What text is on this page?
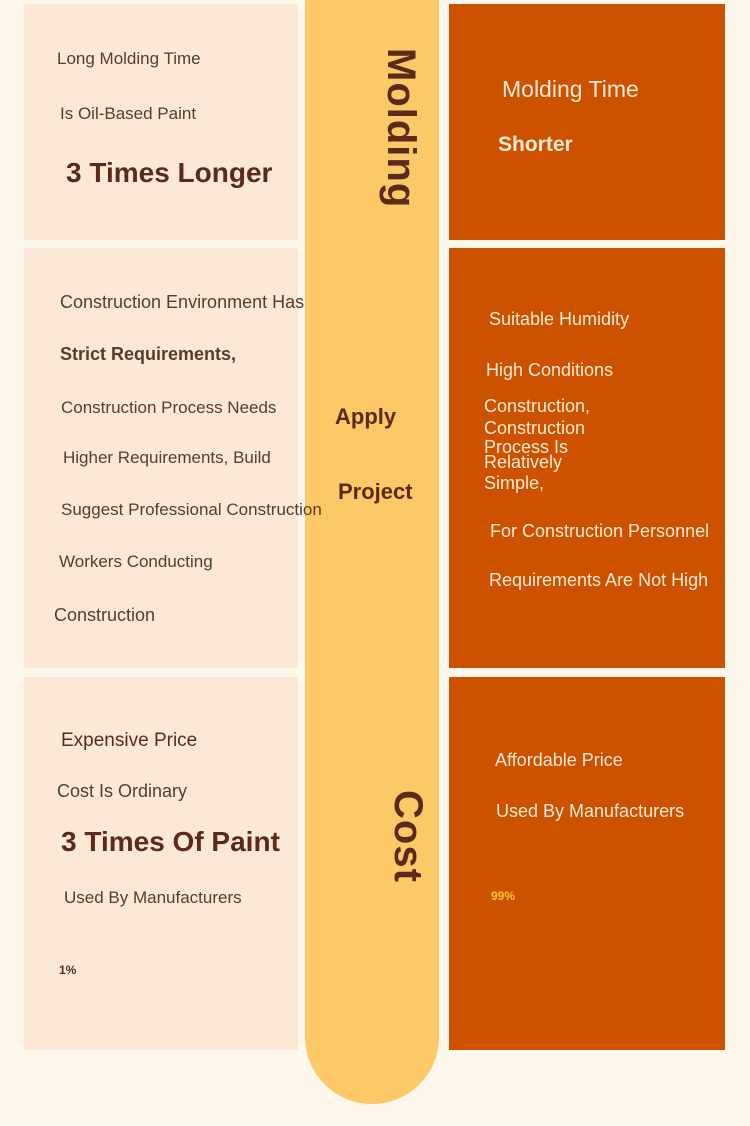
Long Molding Time

Is Oil-Based Paint

3 Times Longer	Molding	Molding Time

Shorter

Construction Environment Has

Strict Requirements,

Construction Process Needs

Higher Requirements, Build

Suggest Professional Construction

Workers Conducting

Construction

Apply
Project

Suitable Humidity

High Conditions

Construction,

Construction

Process Is

Relatively

Simple,

For Construction Personnel

Requirements Are Not High

Expensive Price

Cost Is Ordinary

3 Times Of Paint

Used By Manufacturers

1%

Cost

Affordable Price

Used By Manufacturers

99%
